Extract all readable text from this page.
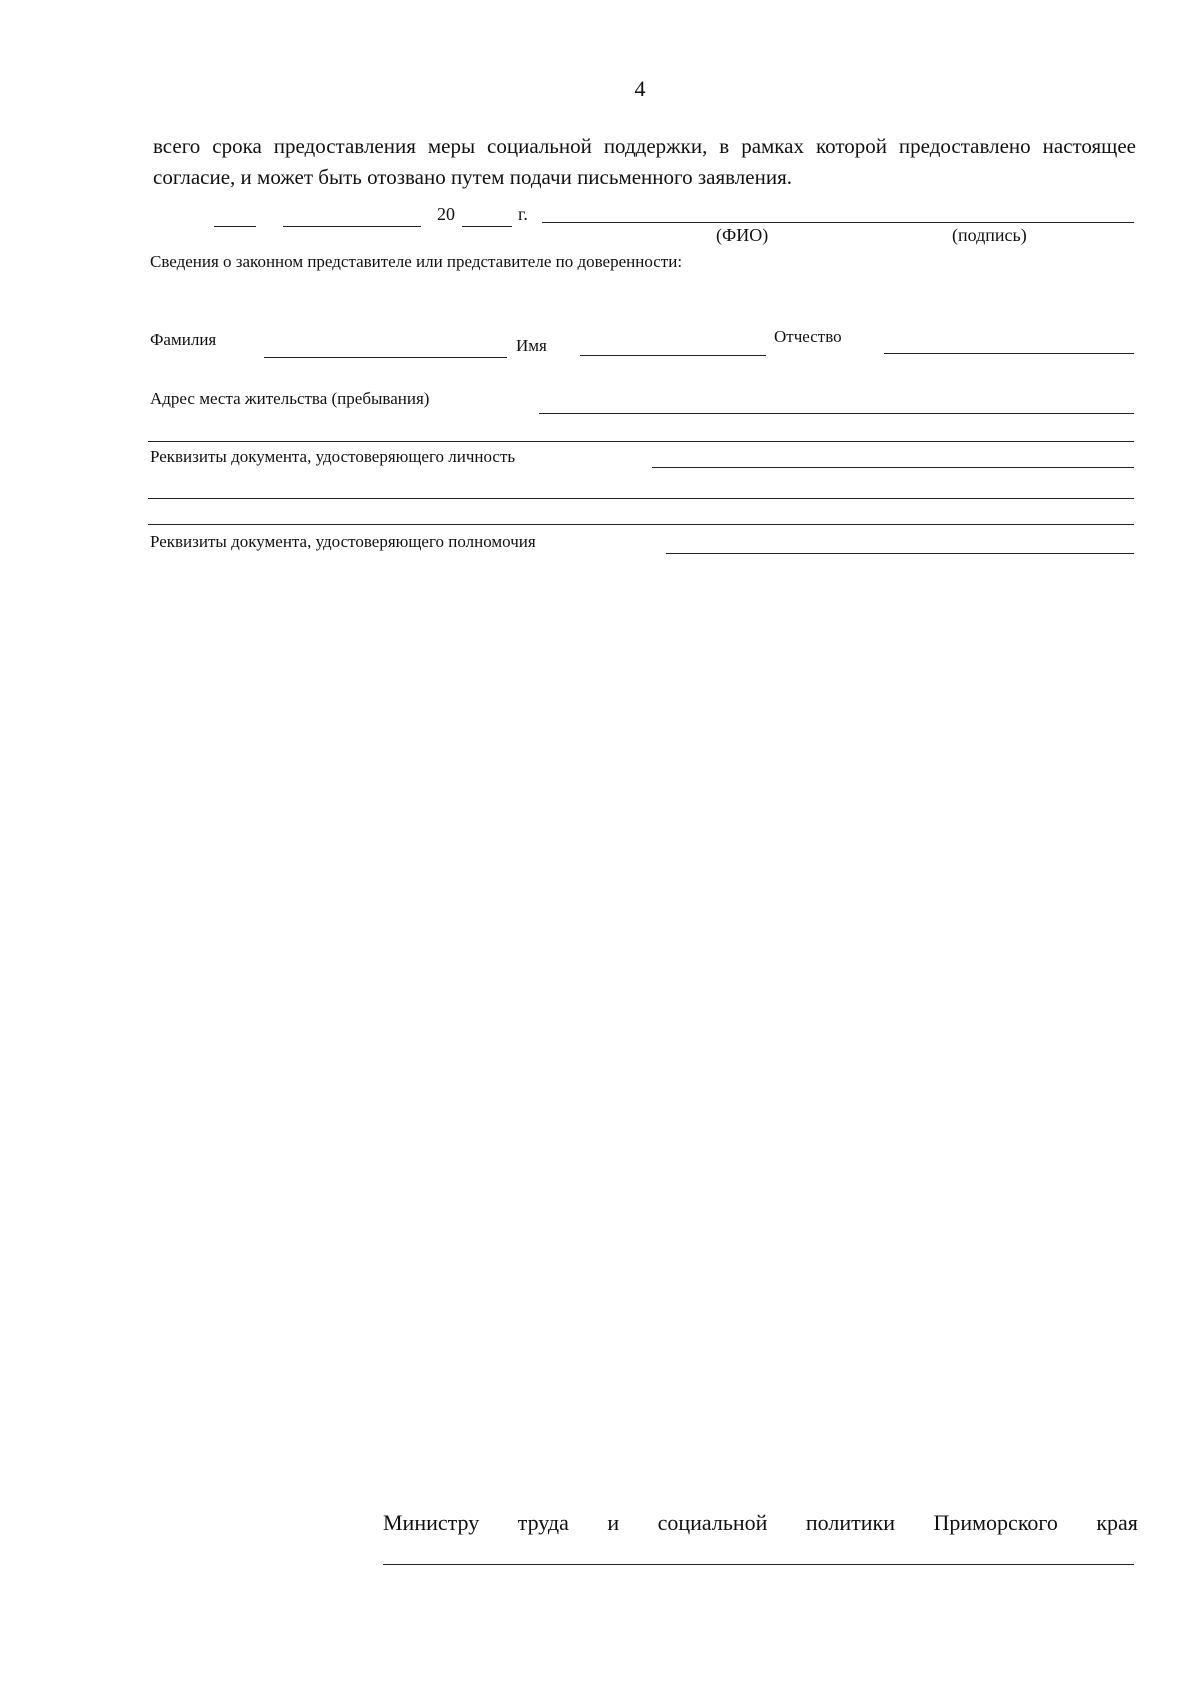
4
всего срока предоставления меры социальной поддержки, в рамках которой предоставлено настоящее согласие, и может быть отозвано путем подачи письменного заявления.
20	г.
(ФИО)	(подпись)
Сведения о законном представителе или представителе по доверенности:
Фамилия	Имя	Отчество
Адрес места жительства (пребывания)
Реквизиты документа, удостоверяющего личность
Реквизиты документа, удостоверяющего полномочия
Министру труда и социальной политики Приморского края
